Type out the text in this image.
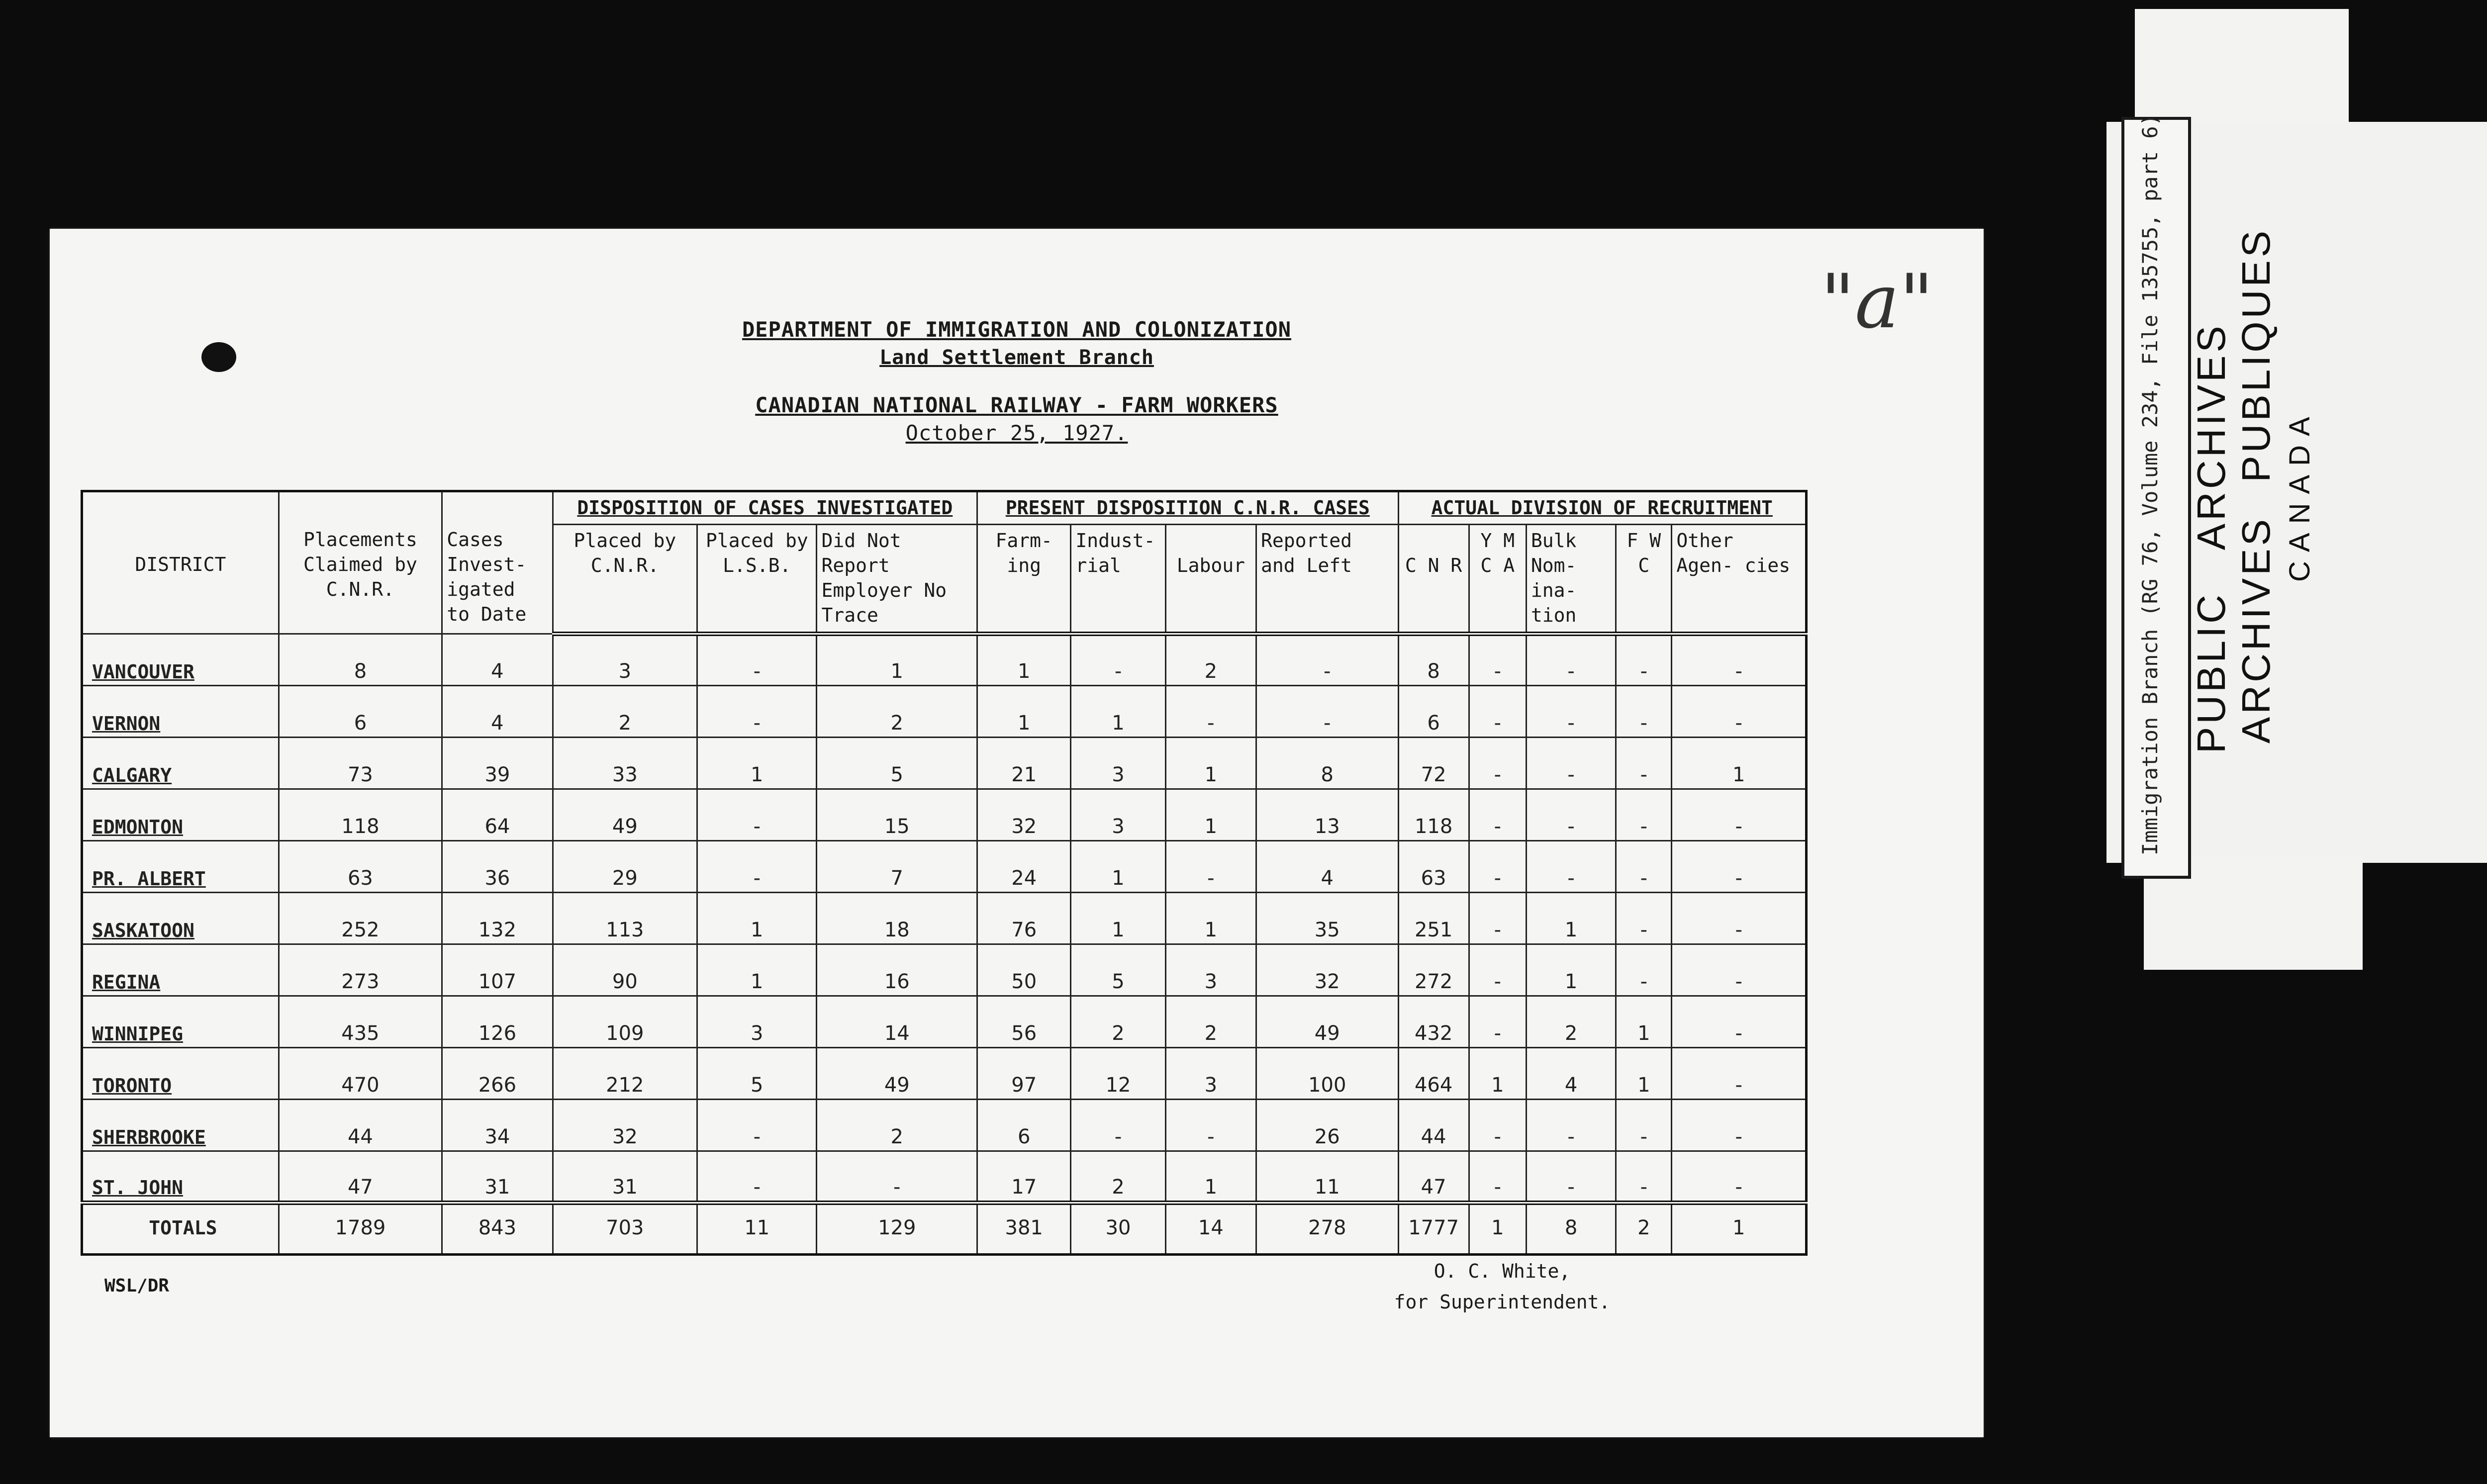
"a"
DEPARTMENT OF IMMIGRATION AND COLONIZATION
Land Settlement Branch
CANADIAN NATIONAL RAILWAY - FARM WORKERS
October 25, 1927.
DISTRICT	Placements Claimed by C.N.R.	Cases Invest- igated to Date	DISPOSITION OF CASES INVESTIGATED			PRESENT DISPOSITION C.N.R. CASES				ACTUAL DIVISION OF RECRUITMENT				
			Placed by C.N.R.	Placed by L.S.B.	Did Not Report Employer No Trace	Farm- ing	Indust- rial	Labour	Reported and Left	C N R	Y M C A	Bulk Nom- ina- tion	F W C	Other Agen- cies
VANCOUVER	8	4	3	-	1	1	-	2	-	8	-	-	-	-
VERNON	6	4	2	-	2	1	1	-	-	6	-	-	-	-
CALGARY	73	39	33	1	5	21	3	1	8	72	-	-	-	1
EDMONTON	118	64	49	-	15	32	3	1	13	118	-	-	-	-
PR. ALBERT	63	36	29	-	7	24	1	-	4	63	-	-	-	-
SASKATOON	252	132	113	1	18	76	1	1	35	251	-	1	-	-
REGINA	273	107	90	1	16	50	5	3	32	272	-	1	-	-
WINNIPEG	435	126	109	3	14	56	2	2	49	432	-	2	1	-
TORONTO	470	266	212	5	49	97	12	3	100	464	1	4	1	-
SHERBROOKE	44	34	32	-	2	6	-	-	26	44	-	-	-	-
ST. JOHN	47	31	31	-	-	17	2	1	11	47	-	-	-	-
TOTALS	1789	843	703	11	129	381	30	14	278	1777	1	8	2	1
WSL/DR
O. C. White,
for Superintendent.
Immigration Branch (RG 76, Volume 234, File 135755, part 6) PUBLIC ARCHIVES ARCHIVES PUBLIQUES CANADA
